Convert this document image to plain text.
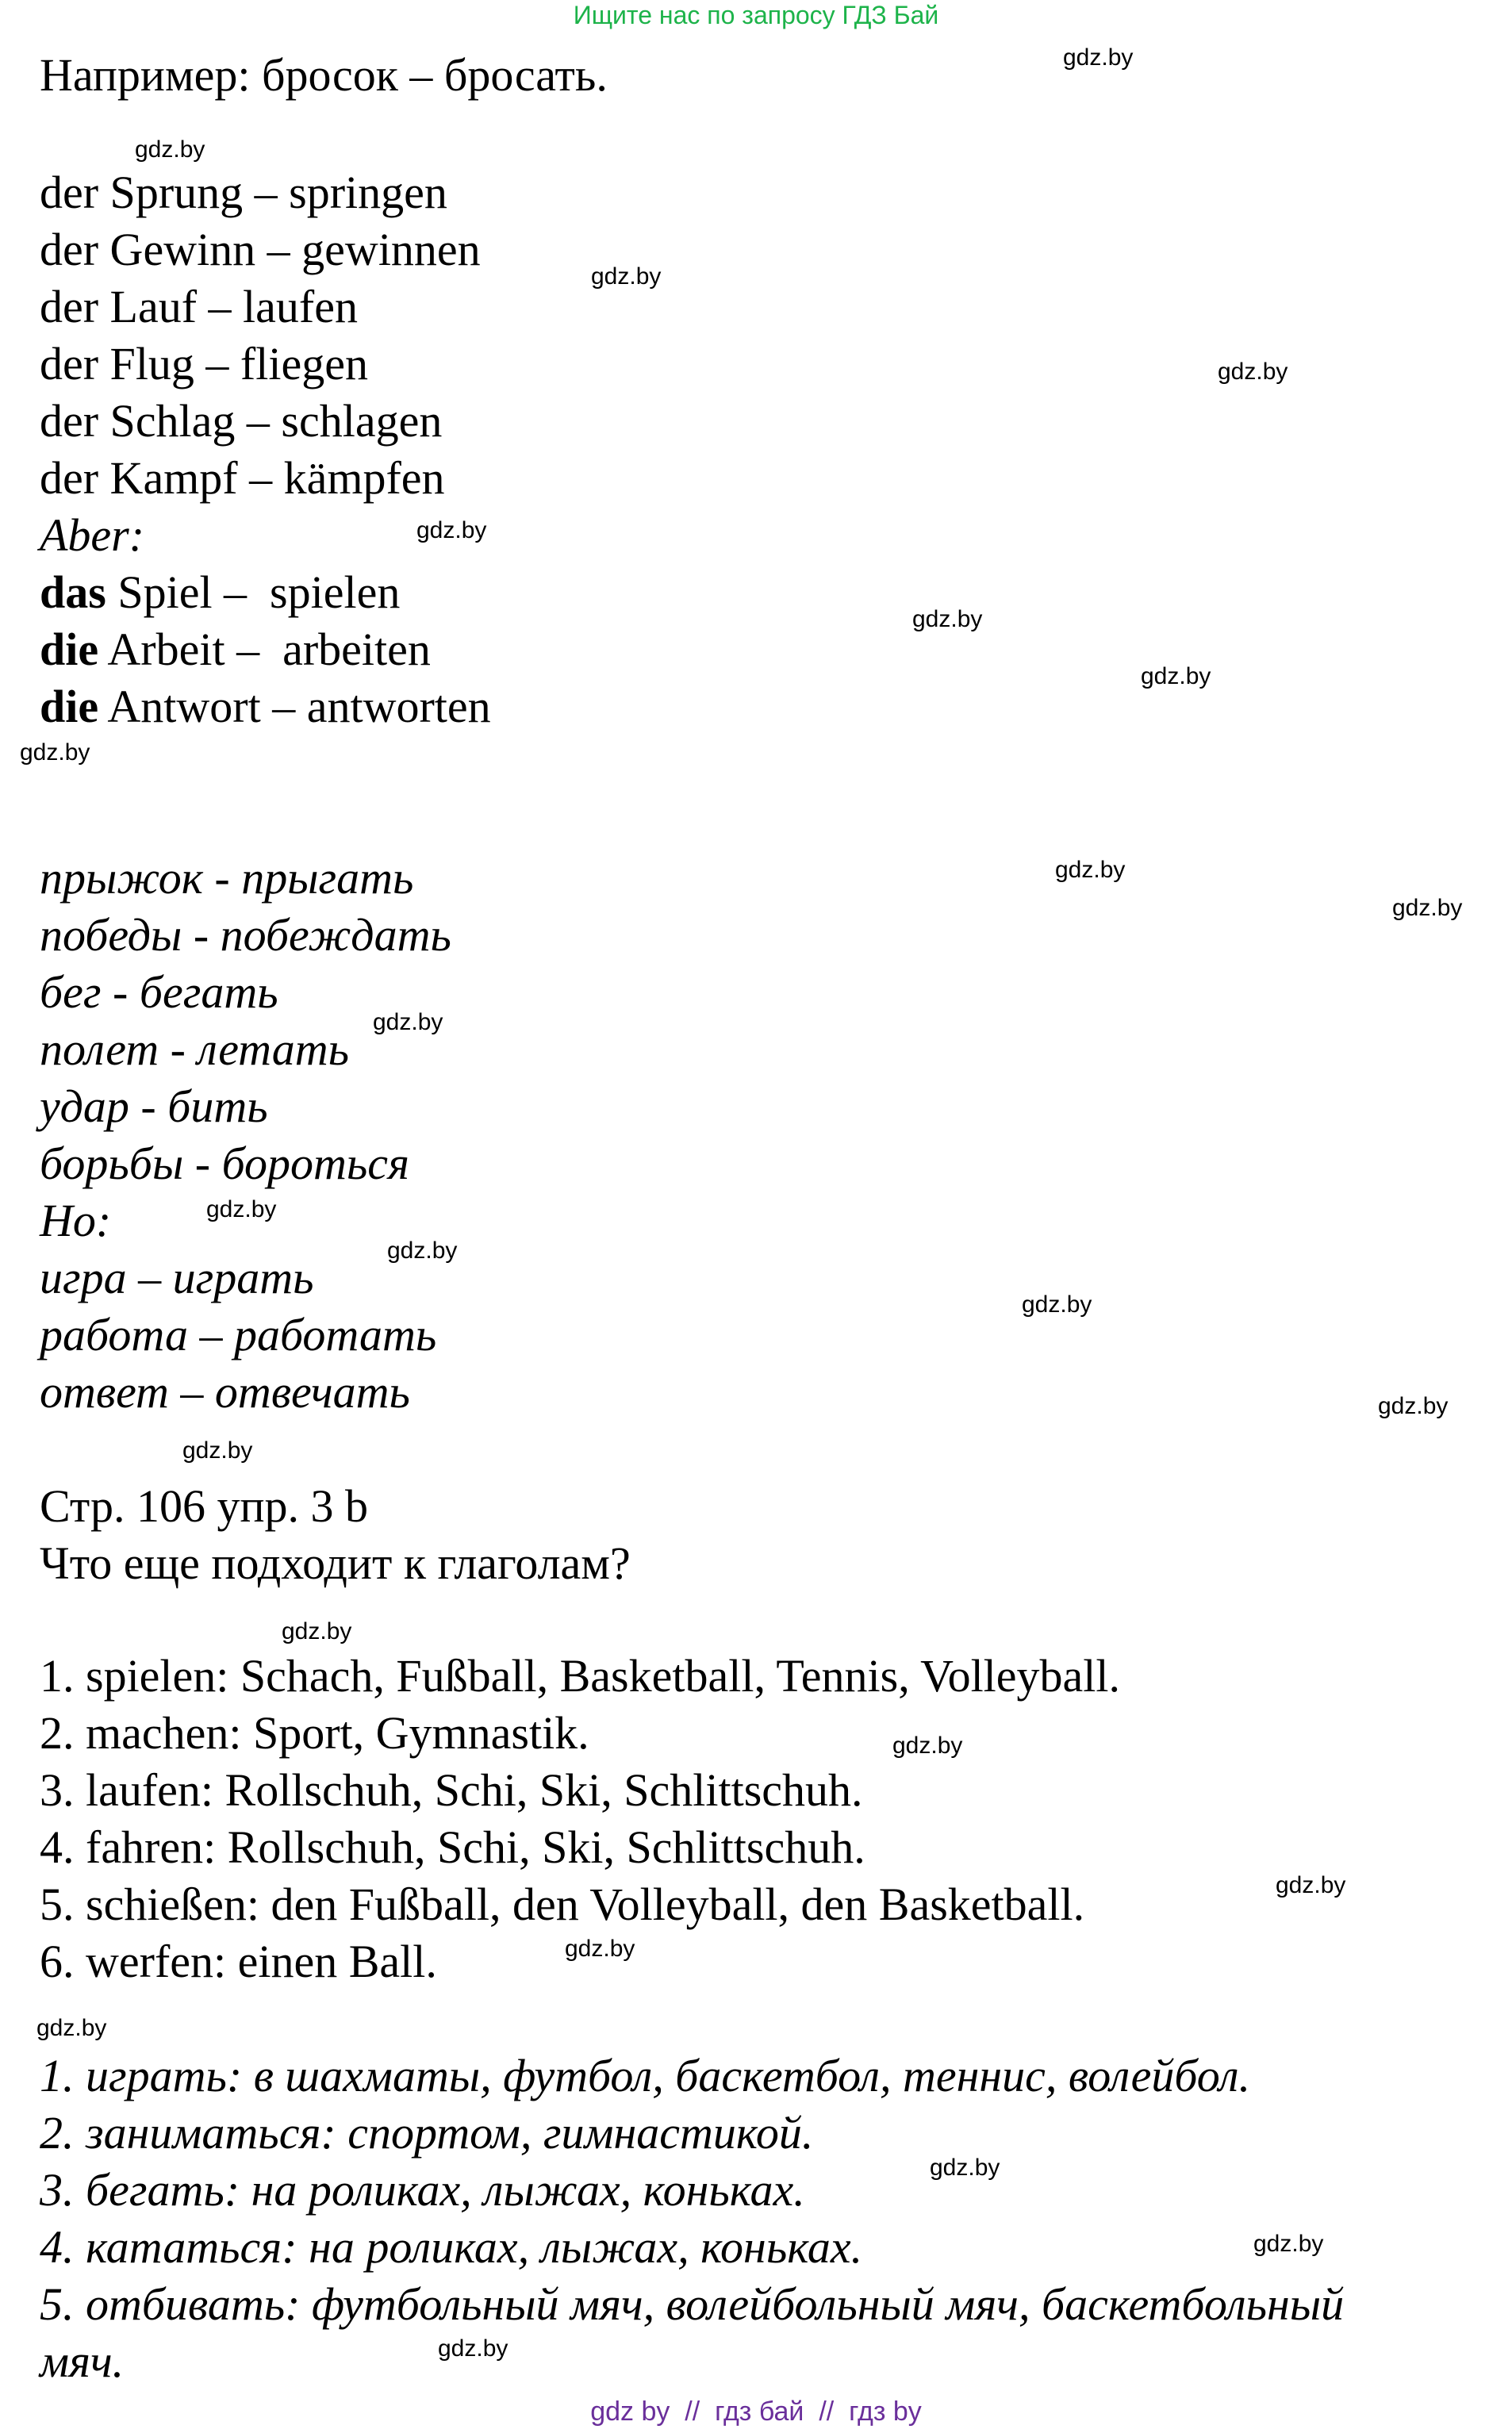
Ищите нас по запросу ГДЗ Бай
Например: бросок – бросать.
der Sprung – springen
der Gewinn – gewinnen
der Lauf – laufen
der Flug – fliegen
der Schlag – schlagen
der Kampf – kämpfen
Aber:
das Spiel –  spielen
die Arbeit –  arbeiten
die Antwort – antworten
прыжок - прыгать
победы - побеждать
бег - бегать
полет - летать
удар - бить
борьбы - бороться
Но:
игра – играть
работа – работать
ответ – отвечать
Стр. 106 упр. 3 b
Что еще подходит к глаголам?
1. spielen: Schach, Fußball, Basketball, Tennis, Volleyball.
2. machen: Sport, Gymnastik.
3. laufen: Rollschuh, Schi, Ski, Schlittschuh.
4. fahren: Rollschuh, Schi, Ski, Schlittschuh.
5. schießen: den Fußball, den Volleyball, den Basketball.
6. werfen: einen Ball.
1. играть: в шахматы, футбол, баскетбол, теннис, волейбол.
2. заниматься: спортом, гимнастикой.
3. бегать: на роликах, лыжах, коньках.
4. кататься: на роликах, лыжах, коньках.
5. отбивать: футбольный мяч, волейбольный мяч, баскетбольный
мяч.
gdz.by
gdz.by
gdz.by
gdz.by
gdz.by
gdz.by
gdz.by
gdz.by
gdz.by
gdz.by
gdz.by
gdz.by
gdz.by
gdz.by
gdz.by
gdz.by
gdz.by
gdz.by
gdz.by
gdz.by
gdz.by
gdz.by
gdz.by
gdz.by
gdz by  //  гдз бай  //  гдз by
